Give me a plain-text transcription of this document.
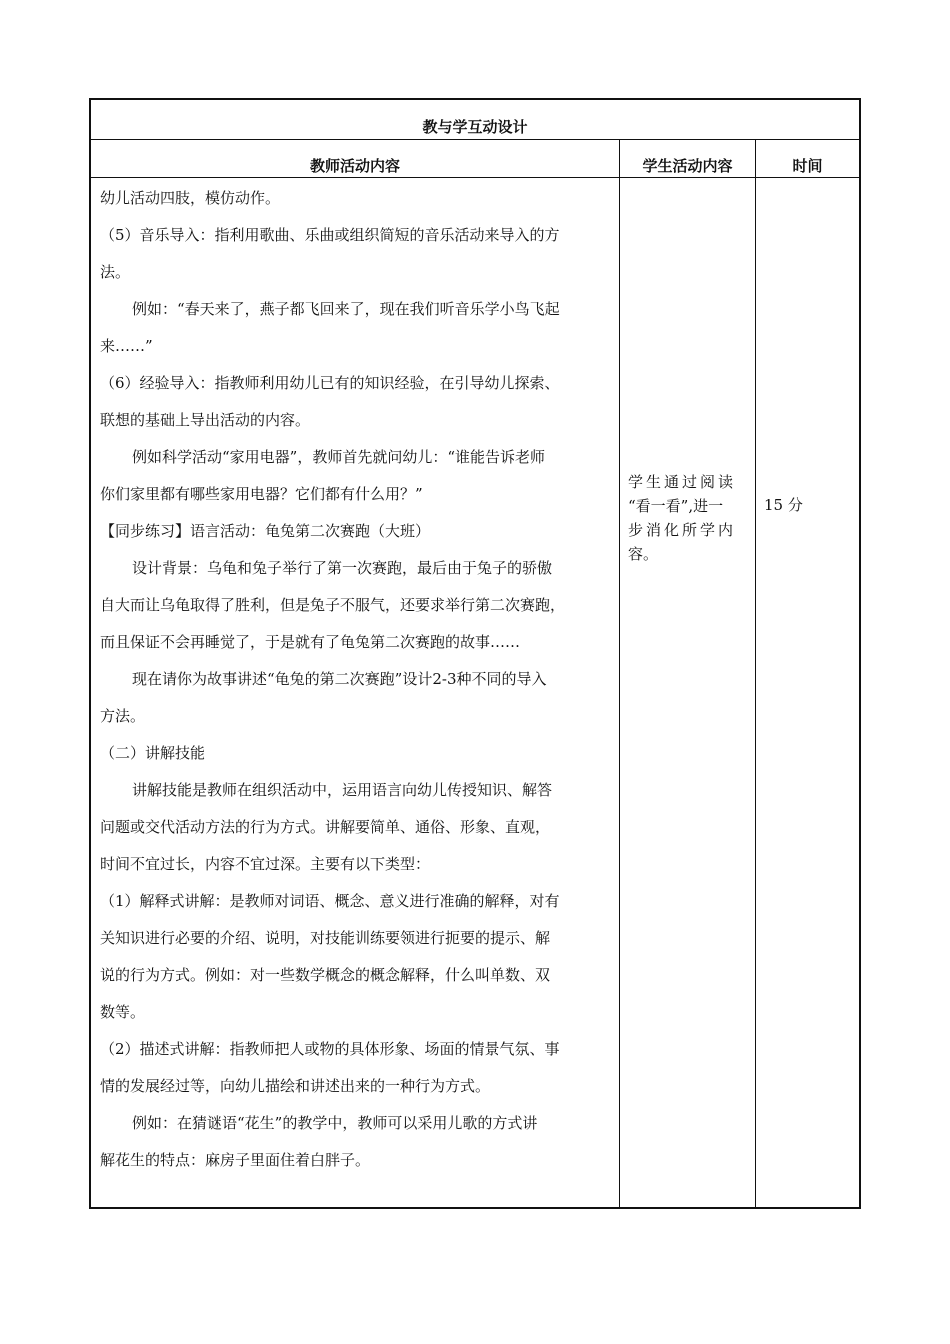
教与学互动设计
教师活动内容	学生活动内容	时间

幼儿活动四肢，模仿动作。

（5）音乐导入：指利用歌曲、乐曲或组织简短的音乐活动来导入的方

法。

例如：“春天来了，燕子都飞回来了，现在我们听音乐学小鸟飞起

来……”

（6）经验导入：指教师利用幼儿已有的知识经验，在引导幼儿探索、

联想的基础上导出活动的内容。

例如科学活动“家用电器”，教师首先就问幼儿：“谁能告诉老师

你们家里都有哪些家用电器？它们都有什么用？”

【同步练习】语言活动：龟兔第二次赛跑（大班）

设计背景：乌龟和兔子举行了第一次赛跑，最后由于兔子的骄傲

自大而让乌龟取得了胜利，但是兔子不服气，还要求举行第二次赛跑，

而且保证不会再睡觉了，于是就有了龟兔第二次赛跑的故事……

现在请你为故事讲述“龟兔的第二次赛跑”设计2-3种不同的导入

方法。

（二）讲解技能

讲解技能是教师在组织活动中，运用语言向幼儿传授知识、解答

问题或交代活动方法的行为方式。讲解要简单、通俗、形象、直观，

时间不宜过长，内容不宜过深。主要有以下类型：

（1）解释式讲解：是教师对词语、概念、意义进行准确的解释，对有

关知识进行必要的介绍、说明，对技能训练要领进行扼要的提示、解

说的行为方式。例如：对一些数学概念的概念解释，什么叫单数、双

数等。

（2）描述式讲解：指教师把人或物的具体形象、场面的情景气氛、事

情的发展经过等，向幼儿描绘和讲述出来的一种行为方式。

例如：在猜谜语“花生”的教学中，教师可以采用儿歌的方式讲

解花生的特点：麻房子里面住着白胖子。

学生通过阅读

“看一看”,进一

步消化所学内

容。

15 分
